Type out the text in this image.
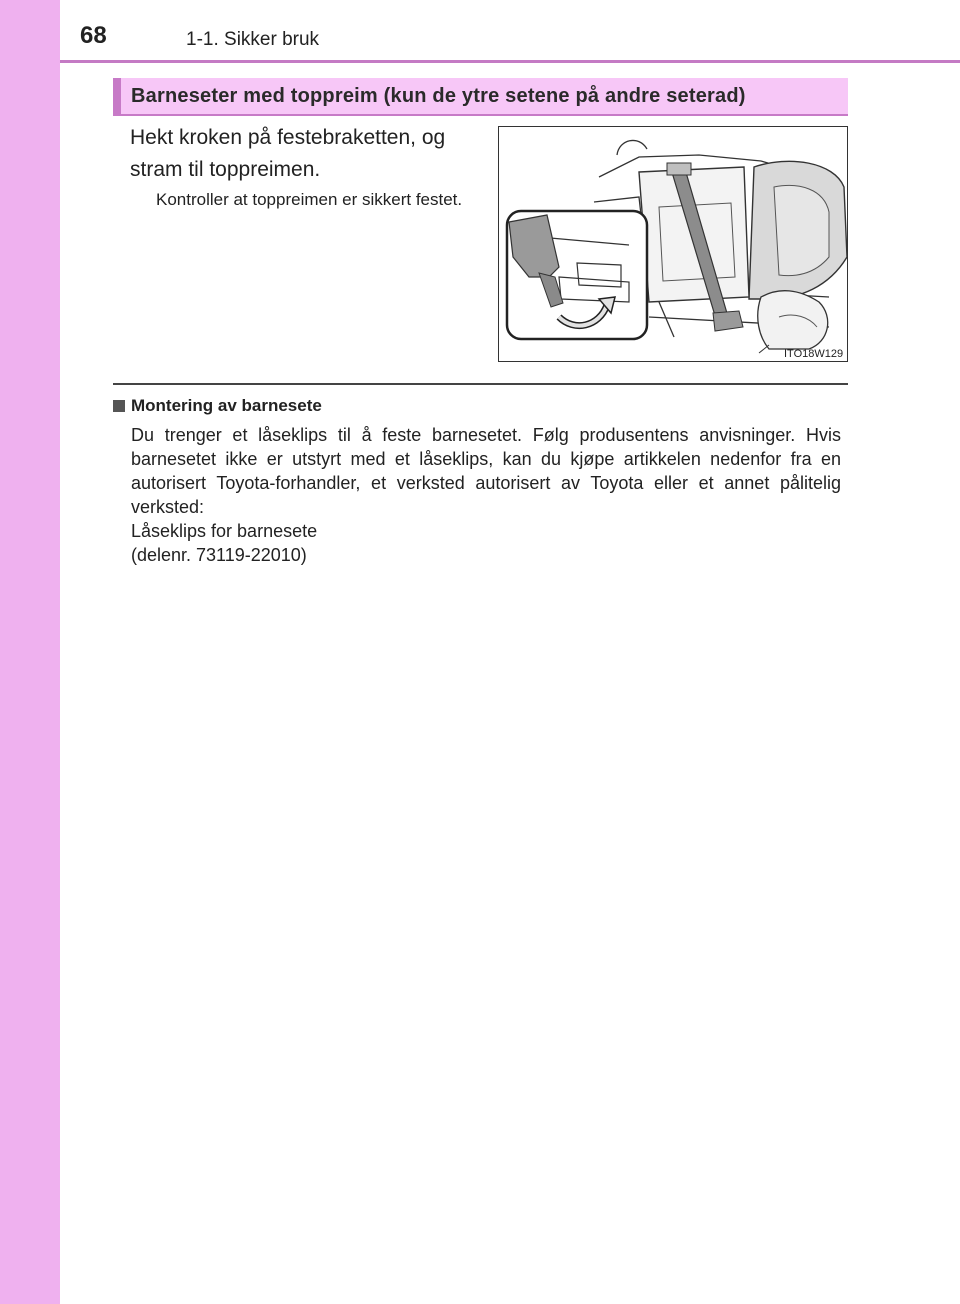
68	1-1. Sikker bruk
Barneseter med toppreim (kun de ytre setene på andre seterad)
Hekt kroken på festebraketten, og stram til toppreimen.
Kontroller at toppreimen er sikkert festet.
ITO18W129
Montering av barnesete
Du trenger et låseklips til å feste barnesetet. Følg produsentens anvisninger. Hvis barnesetet ikke er utstyrt med et låseklips, kan du kjøpe artikkelen nedenfor fra en autorisert Toyota-forhandler, et verksted autorisert av Toyota eller et annet pålitelig verksted:
Låseklips for barnesete
(delenr. 73119-22010)
